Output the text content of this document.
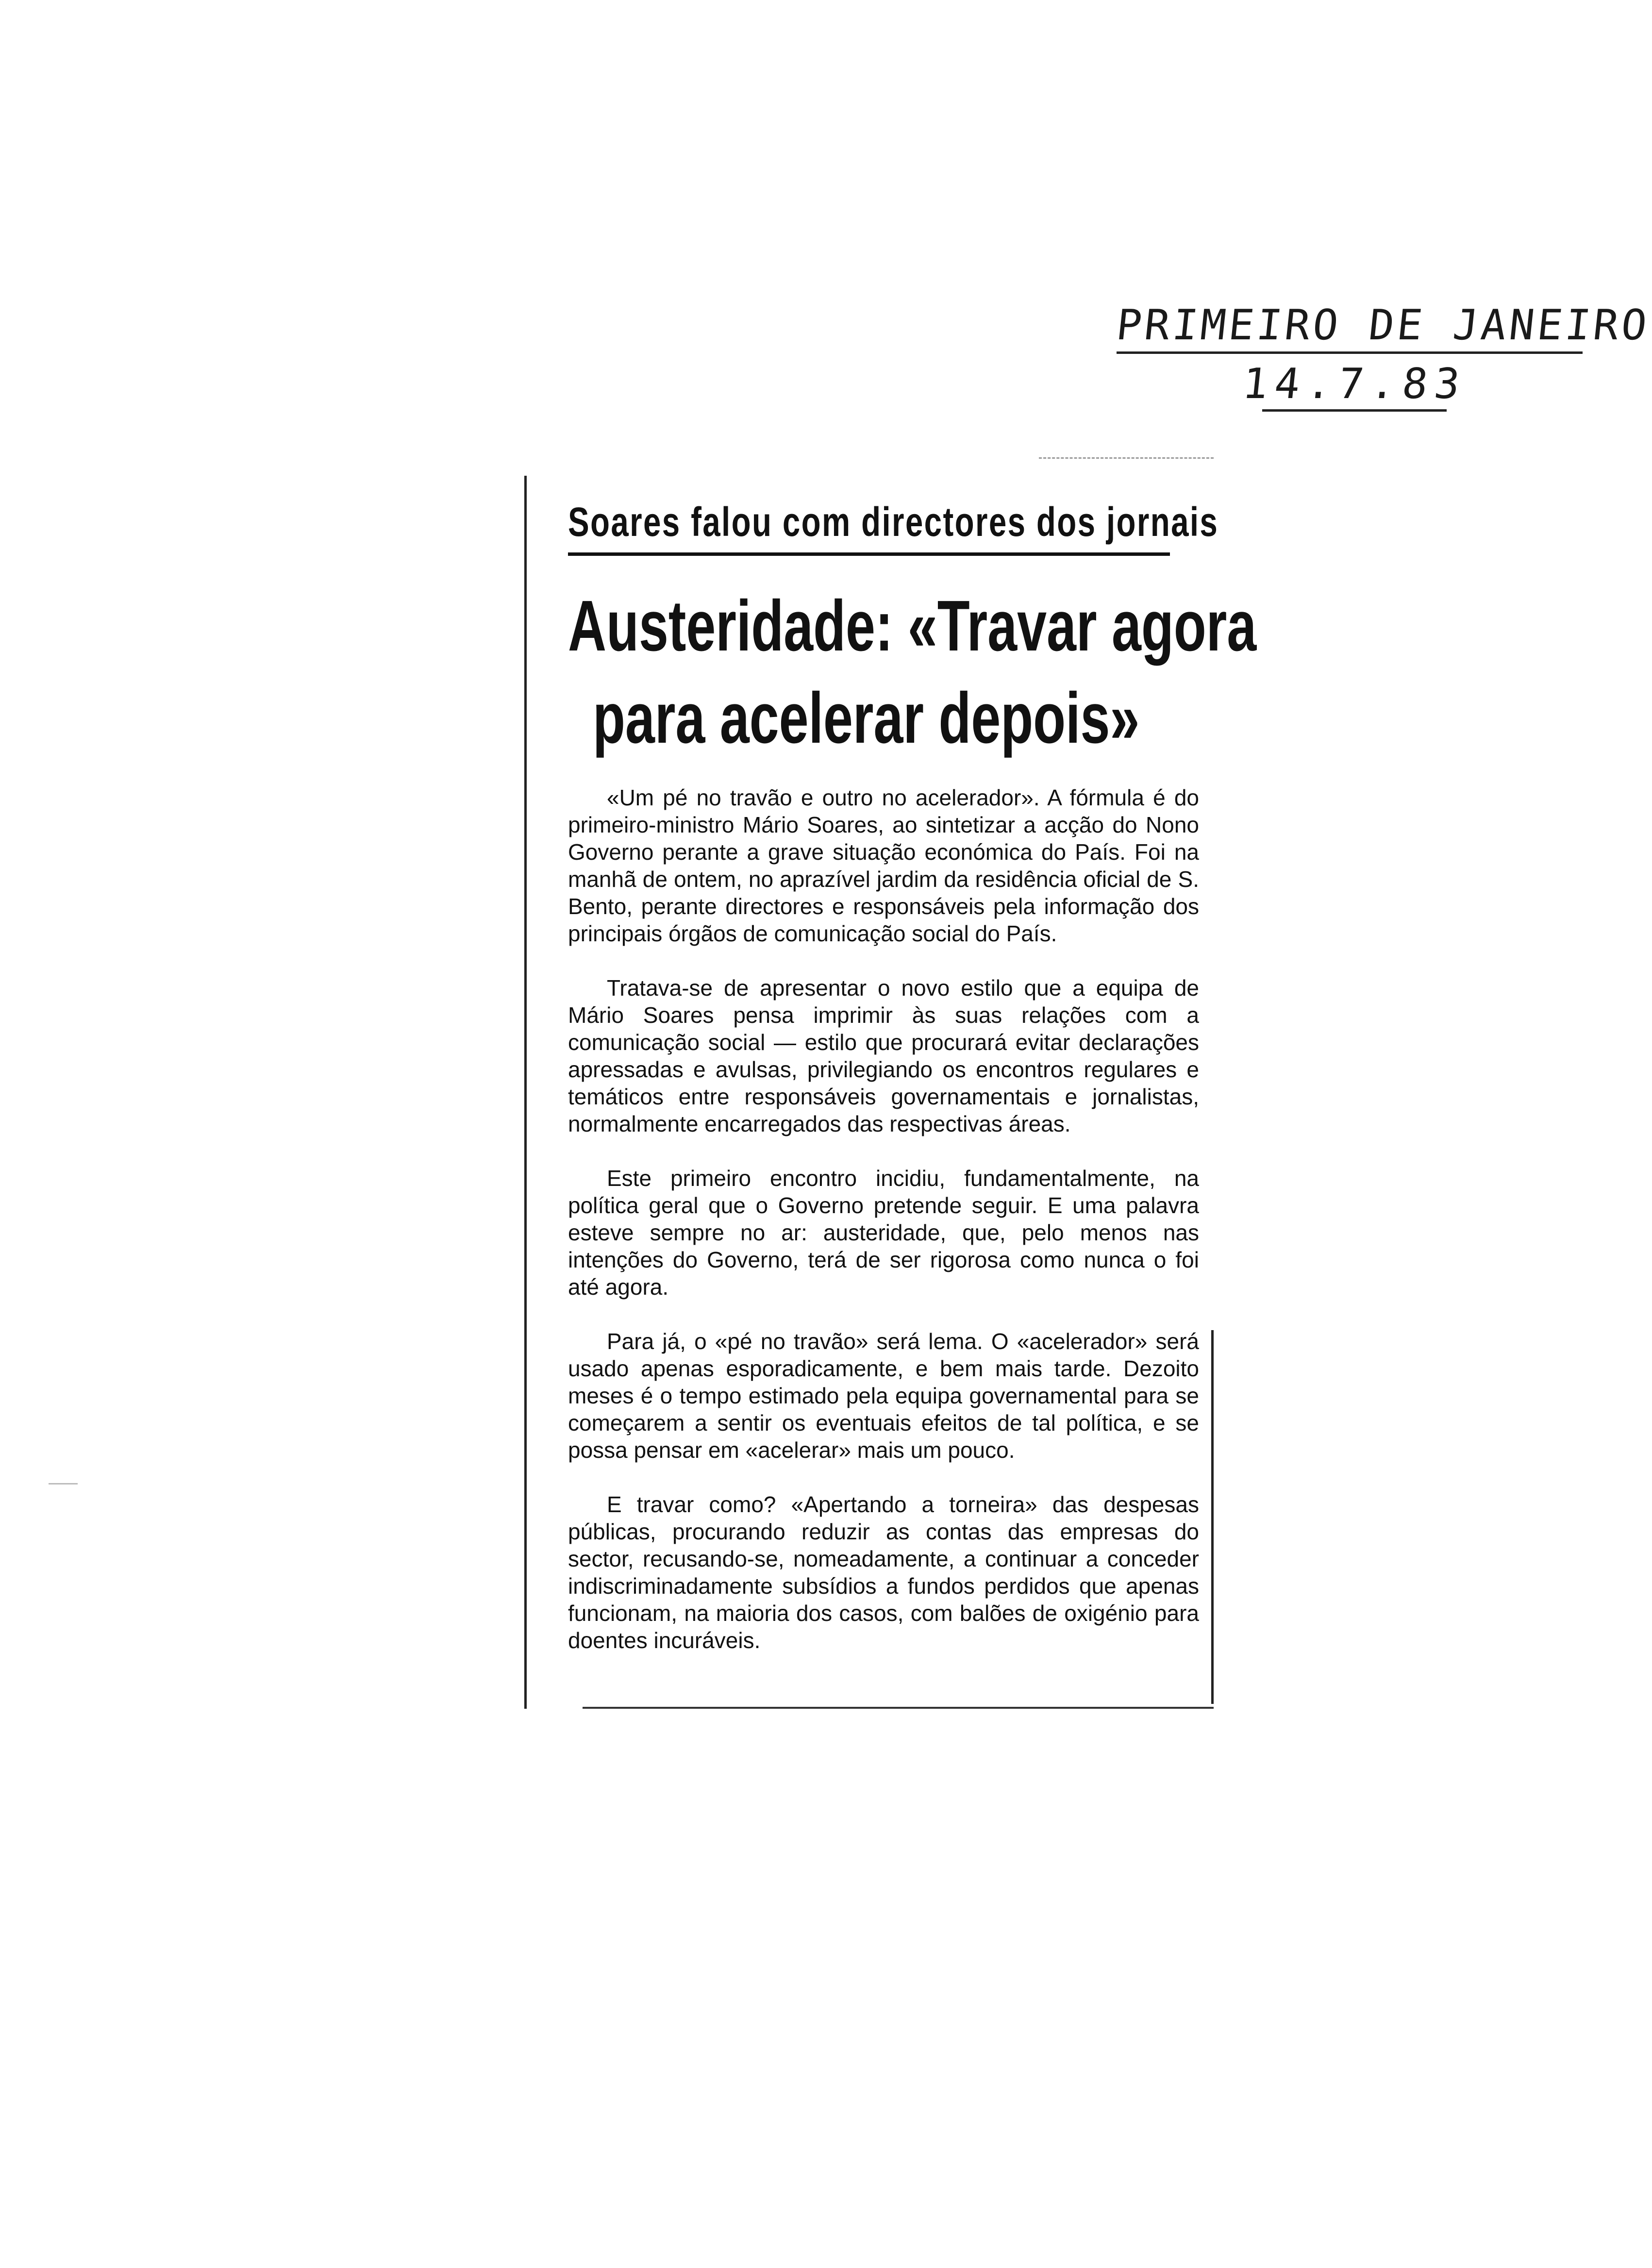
PRIMEIRO DE JANEIRO
14.7.83
Soares falou com directores dos jornais
Austeridade: «Travar agora
para acelerar depois»

«Um pé no travão e outro no acelerador». A fórmula é do primeiro-ministro Mário Soares, ao sintetizar a acção do Nono Governo perante a grave situação económica do País. Foi na manhã de ontem, no aprazível jardim da residência oficial de S. Bento, perante directores e responsáveis pela informação dos principais órgãos de comunicação social do País.

Tratava-se de apresentar o novo estilo que a equipa de Mário Soares pensa imprimir às suas relações com a comunicação social — estilo que procurará evitar declarações apressadas e avulsas, privilegiando os encontros regulares e temáticos entre responsáveis governamentais e jornalistas, normalmente encarregados das respectivas áreas.

Este primeiro encontro incidiu, fundamentalmente, na política geral que o Governo pretende seguir. E uma palavra esteve sempre no ar: austeridade, que, pelo menos nas intenções do Governo, terá de ser rigorosa como nunca o foi até agora.

Para já, o «pé no travão» será lema. O «acelerador» será usado apenas esporadicamente, e bem mais tarde. Dezoito meses é o tempo estimado pela equipa governamental para se começarem a sentir os eventuais efeitos de tal política, e se possa pensar em «acelerar» mais um pouco.

E travar como? «Apertando a torneira» das despesas públicas, procurando reduzir as contas das empresas do sector, recusando-se, nomeadamente, a continuar a conceder indiscriminadamente subsídios a fundos perdidos que apenas funcionam, na maioria dos casos, com balões de oxigénio para doentes incuráveis.
